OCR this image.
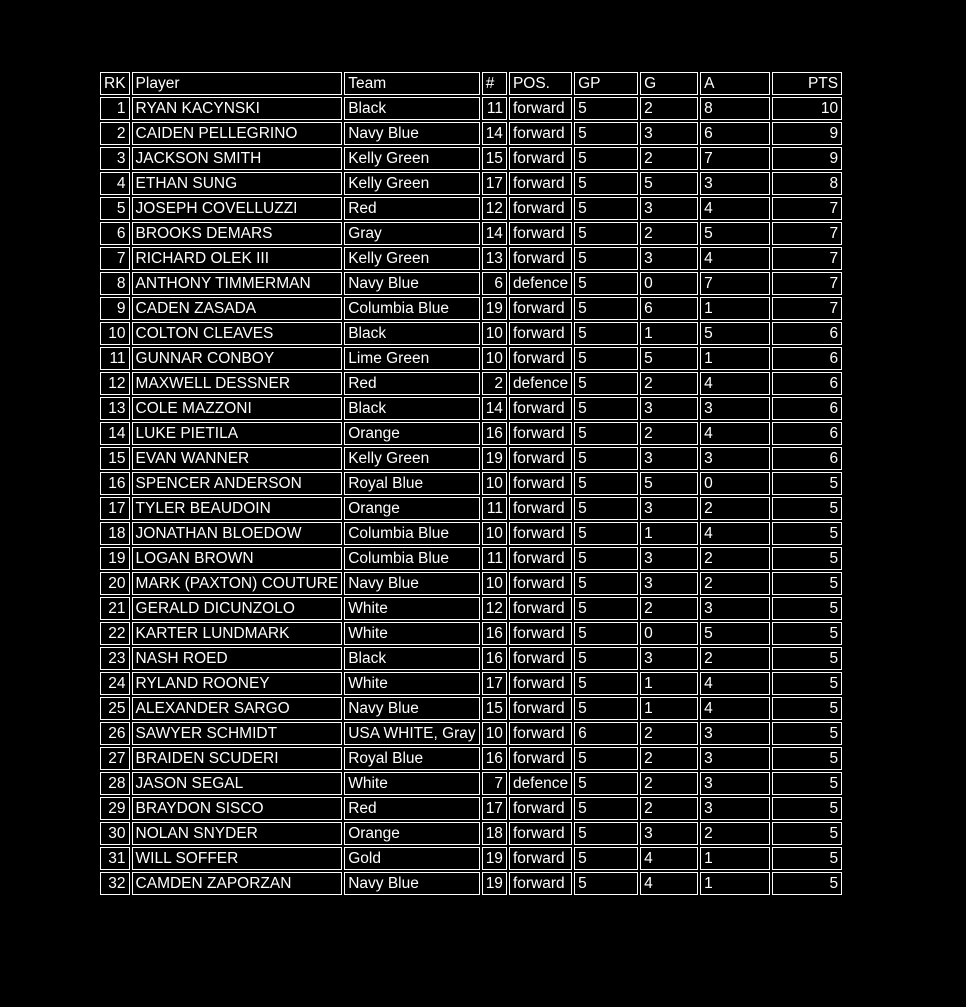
RK	Player	Team	#	POS.	GP	G	A	PTS
1	RYAN KACYNSKI	Black	11	forward	5	2	8	10
2	CAIDEN PELLEGRINO	Navy Blue	14	forward	5	3	6	9
3	JACKSON SMITH	Kelly Green	15	forward	5	2	7	9
4	ETHAN SUNG	Kelly Green	17	forward	5	5	3	8
5	JOSEPH COVELLUZZI	Red	12	forward	5	3	4	7
6	BROOKS DEMARS	Gray	14	forward	5	2	5	7
7	RICHARD OLEK III	Kelly Green	13	forward	5	3	4	7
8	ANTHONY TIMMERMAN	Navy Blue	6	defence	5	0	7	7
9	CADEN ZASADA	Columbia Blue	19	forward	5	6	1	7
10	COLTON CLEAVES	Black	10	forward	5	1	5	6
11	GUNNAR CONBOY	Lime Green	10	forward	5	5	1	6
12	MAXWELL DESSNER	Red	2	defence	5	2	4	6
13	COLE MAZZONI	Black	14	forward	5	3	3	6
14	LUKE PIETILA	Orange	16	forward	5	2	4	6
15	EVAN WANNER	Kelly Green	19	forward	5	3	3	6
16	SPENCER ANDERSON	Royal Blue	10	forward	5	5	0	5
17	TYLER BEAUDOIN	Orange	11	forward	5	3	2	5
18	JONATHAN BLOEDOW	Columbia Blue	10	forward	5	1	4	5
19	LOGAN BROWN	Columbia Blue	11	forward	5	3	2	5
20	MARK (PAXTON) COUTURE	Navy Blue	10	forward	5	3	2	5
21	GERALD DICUNZOLO	White	12	forward	5	2	3	5
22	KARTER LUNDMARK	White	16	forward	5	0	5	5
23	NASH ROED	Black	16	forward	5	3	2	5
24	RYLAND ROONEY	White	17	forward	5	1	4	5
25	ALEXANDER SARGO	Navy Blue	15	forward	5	1	4	5
26	SAWYER SCHMIDT	USA WHITE, Gray	10	forward	6	2	3	5
27	BRAIDEN SCUDERI	Royal Blue	16	forward	5	2	3	5
28	JASON SEGAL	White	7	defence	5	2	3	5
29	BRAYDON SISCO	Red	17	forward	5	2	3	5
30	NOLAN SNYDER	Orange	18	forward	5	3	2	5
31	WILL SOFFER	Gold	19	forward	5	4	1	5
32	CAMDEN ZAPORZAN	Navy Blue	19	forward	5	4	1	5
